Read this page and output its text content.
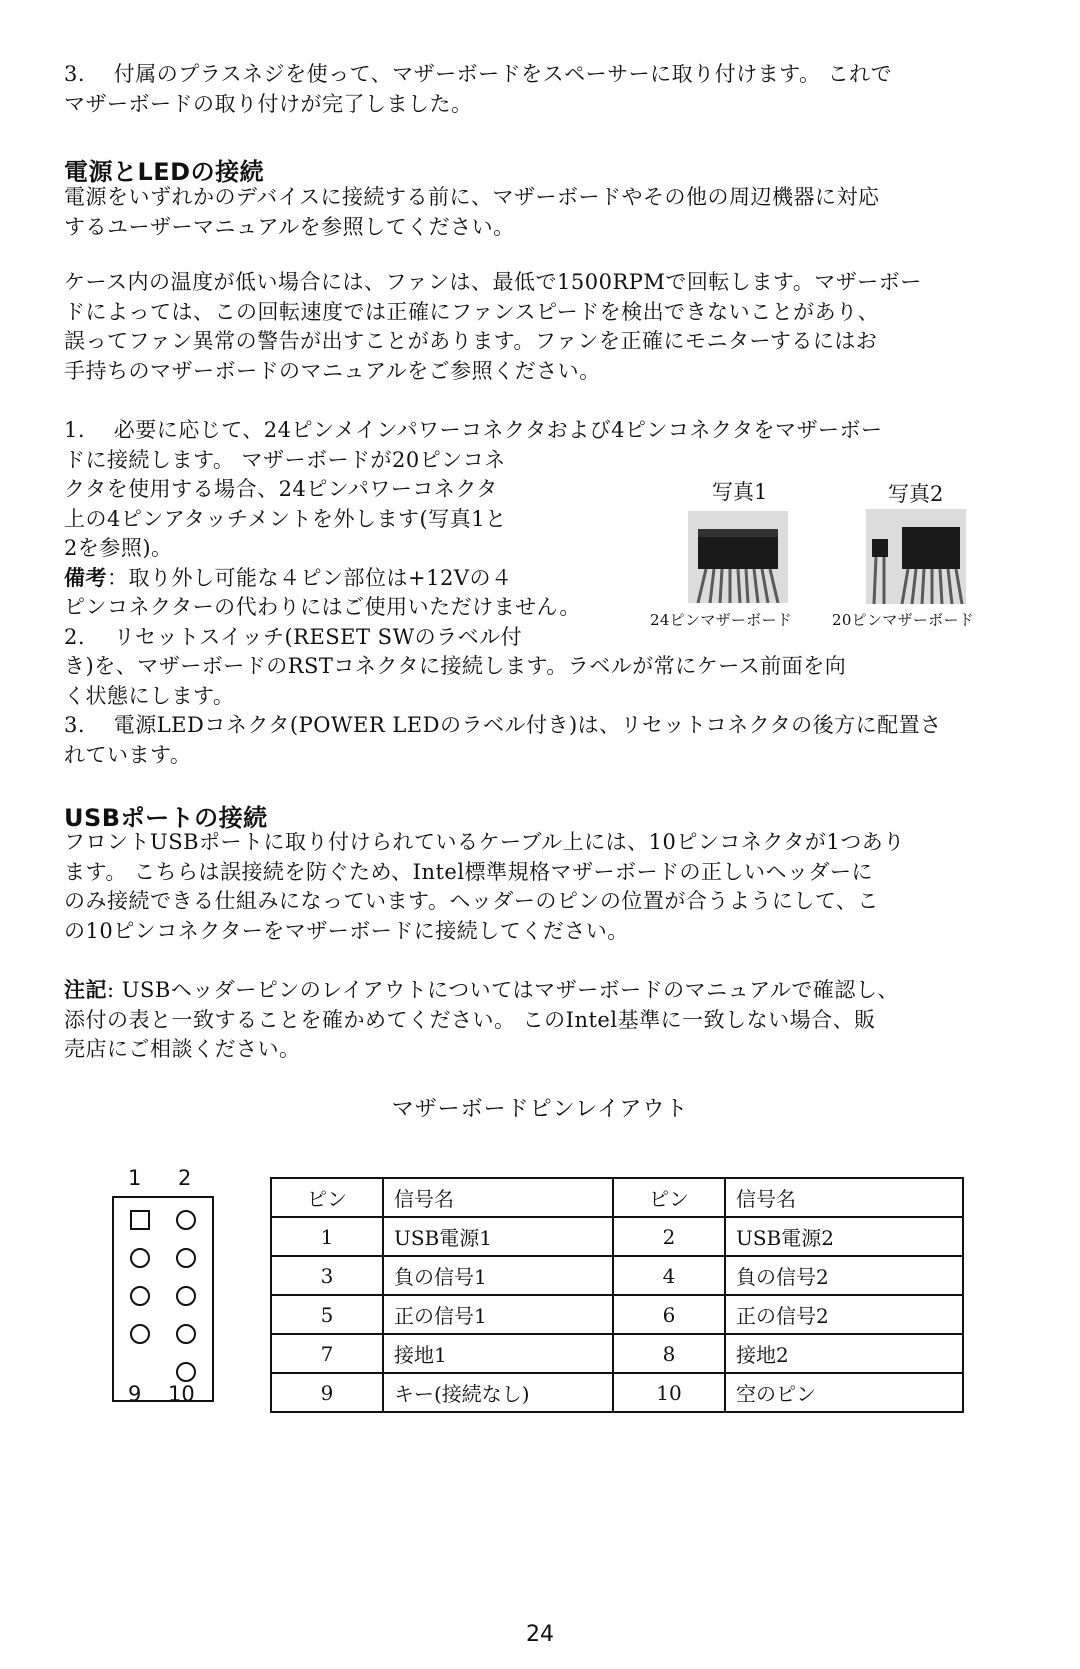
3.　 付属のプラスネジを使って、マザーボードをスペーサーに取り付けます。 これで
マザーボードの取り付けが完了しました。
電源とLEDの接続
電源をいずれかのデバイスに接続する前に、マザーボードやその他の周辺機器に対応
するユーザーマニュアルを参照してください。
ケース内の温度が低い場合には、ファンは、最低で1500RPMで回転します。マザーボー
ドによっては、この回転速度では正確にファンスピードを検出できないことがあり、
誤ってファン異常の警告が出すことがあります。ファンを正確にモニターするにはお
手持ちのマザーボードのマニュアルをご参照ください。
1.　 必要に応じて、24ピンメインパワーコネクタおよび4ピンコネクタをマザーボー
ドに接続します。 マザーボードが20ピンコネ
クタを使用する場合、24ピンパワーコネクタ
上の4ピンアタッチメントを外します(写真1と
2を参照)。
備考：取り外し可能な４ピン部位は+12Vの４
ピンコネクターの代わりにはご使用いただけません。
2.　 リセットスイッチ(RESET SWのラベル付
き)を、マザーボードのRSTコネクタに接続します。ラベルが常にケース前面を向
く状態にします。
3.　 電源LEDコネクタ(POWER LEDのラベル付き)は、リセットコネクタの後方に配置さ
れています。
写真1	写真2
24ピンマザーボード	20ピンマザーボード
USBポートの接続
フロントUSBポートに取り付けられているケーブル上には、10ピンコネクタが1つあり
ます。 こちらは誤接続を防ぐため、Intel標準規格マザーボードの正しいヘッダーに
のみ接続できる仕組みになっています。ヘッダーのピンの位置が合うようにして、こ
の10ピンコネクターをマザーボードに接続してください。
注記: USBヘッダーピンのレイアウトについてはマザーボードのマニュアルで確認し、
添付の表と一致することを確かめてください。 このIntel基準に一致しない場合、販
売店にご相談ください。
マザーボードピンレイアウト
1 2
9 10
ピン	信号名	ピン	信号名
1	USB電源1	2	USB電源2
3	負の信号1	4	負の信号2
5	正の信号1	6	正の信号2
7	接地1	8	接地2
9	キー(接続なし)	10	空のピン
24
